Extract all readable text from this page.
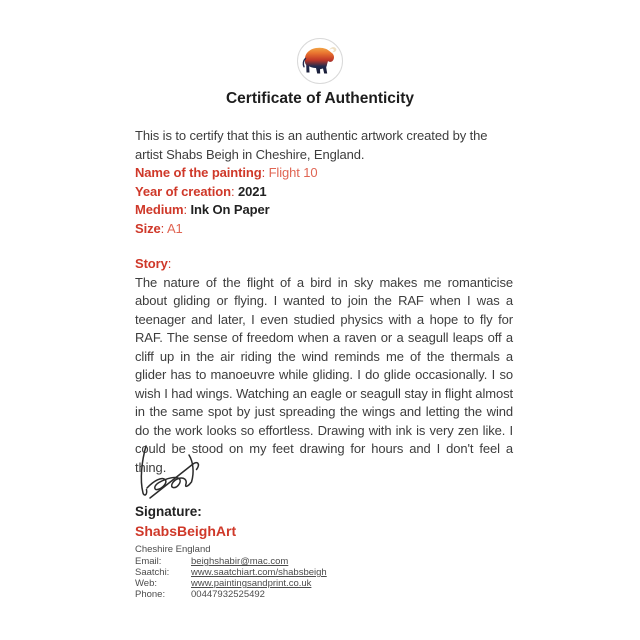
Certificate of Authenticity

This is to certify that this is an authentic artwork created by the artist Shabs Beigh in Cheshire, England.

Name of the painting: Flight 10
Year of creation: 2021
Medium: Ink On Paper
Size: A1
Story:

The nature of the flight of a bird in sky makes me romanticise about gliding or flying. I wanted to join the RAF when I was a teenager and later, I even studied physics with a hope to fly for RAF. The sense of freedom when a raven or a seagull leaps off a cliff up in the air riding the wind reminds me of the thermals a glider has to manoeuvre while gliding. I do glide occasionally. I so wish I had wings. Watching an eagle or seagull stay in flight almost in the same spot by just spreading the wings and letting the wind do the work looks so effortless. Drawing with ink is very zen like. I could be stood on my feet drawing for hours and I don't feel a thing.

Signature:
ShabsBeighArt
Cheshire England
Email:	beighshabir@mac.com
Saatchi:	www.saatchiart.com/shabsbeigh
Web:	www.paintingsandprint.co.uk
Phone:	00447932525492
